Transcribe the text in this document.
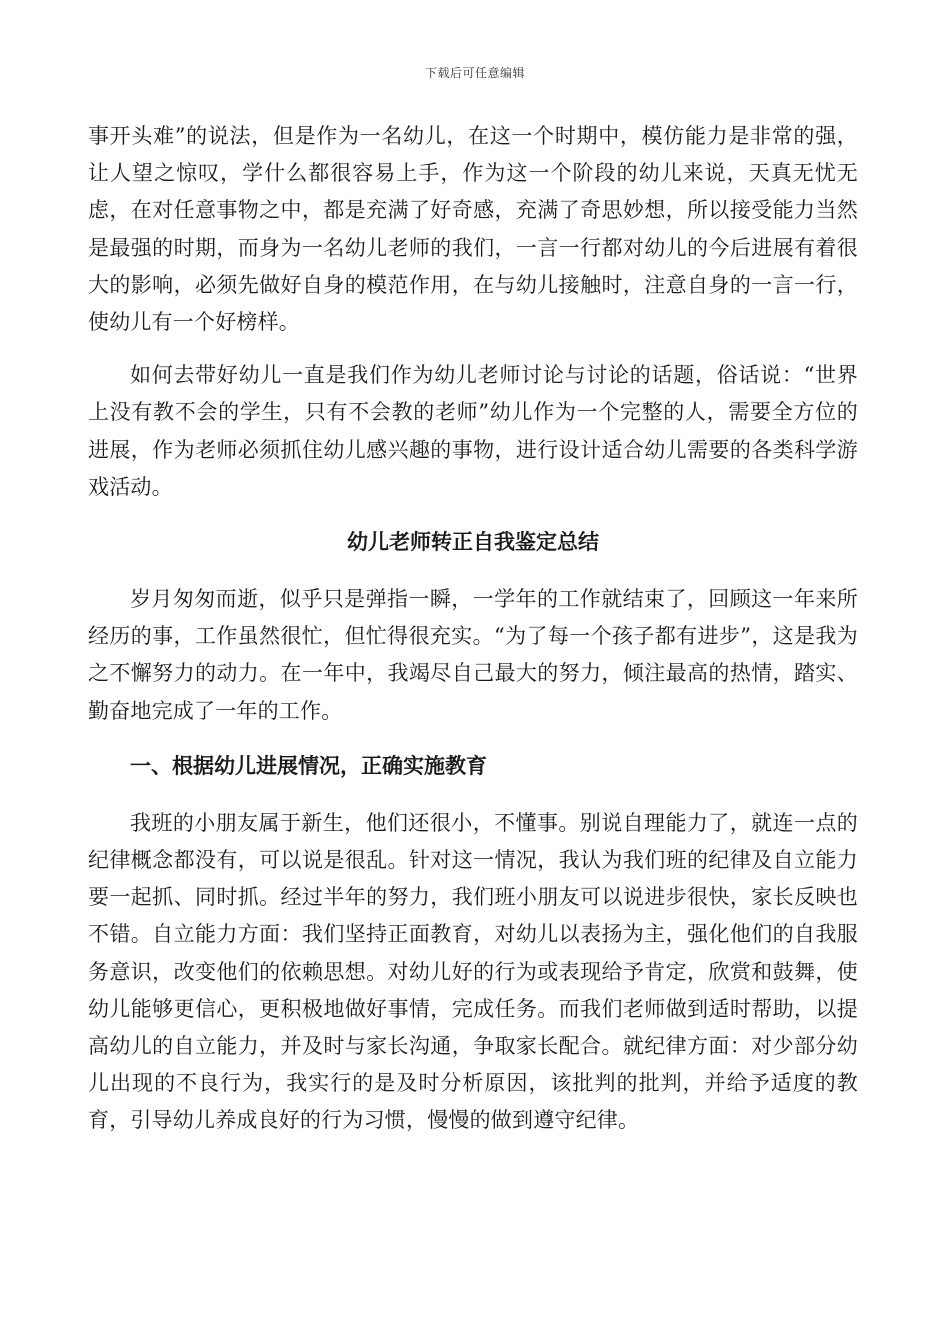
下载后可任意编辑

事开头难”的说法，但是作为一名幼儿，在这一个时期中，模仿能力是非常的强，让人望之惊叹，学什么都很容易上手，作为这一个阶段的幼儿来说，天真无忧无虑，在对任意事物之中，都是充满了好奇感，充满了奇思妙想，所以接受能力当然是最强的时期，而身为一名幼儿老师的我们，一言一行都对幼儿的今后进展有着很大的影响，必须先做好自身的模范作用，在与幼儿接触时，注意自身的一言一行，使幼儿有一个好榜样。

如何去带好幼儿一直是我们作为幼儿老师讨论与讨论的话题，俗话说：“世界上没有教不会的学生，只有不会教的老师”幼儿作为一个完整的人，需要全方位的进展，作为老师必须抓住幼儿感兴趣的事物，进行设计适合幼儿需要的各类科学游戏活动。

幼儿老师转正自我鉴定总结

岁月匆匆而逝，似乎只是弹指一瞬，一学年的工作就结束了，回顾这一年来所经历的事，工作虽然很忙，但忙得很充实。“为了每一个孩子都有进步”，这是我为之不懈努力的动力。在一年中，我竭尽自己最大的努力，倾注最高的热情，踏实、勤奋地完成了一年的工作。

一、根据幼儿进展情况，正确实施教育

我班的小朋友属于新生，他们还很小，不懂事。别说自理能力了，就连一点的纪律概念都没有，可以说是很乱。针对这一情况，我认为我们班的纪律及自立能力要一起抓、同时抓。经过半年的努力，我们班小朋友可以说进步很快，家长反映也不错。自立能力方面：我们坚持正面教育，对幼儿以表扬为主，强化他们的自我服务意识，改变他们的依赖思想。对幼儿好的行为或表现给予肯定，欣赏和鼓舞，使幼儿能够更信心，更积极地做好事情，完成任务。而我们老师做到适时帮助，以提高幼儿的自立能力，并及时与家长沟通，争取家长配合。就纪律方面：对少部分幼儿出现的不良行为，我实行的是及时分析原因，该批判的批判，并给予适度的教育，引导幼儿养成良好的行为习惯，慢慢的做到遵守纪律。
